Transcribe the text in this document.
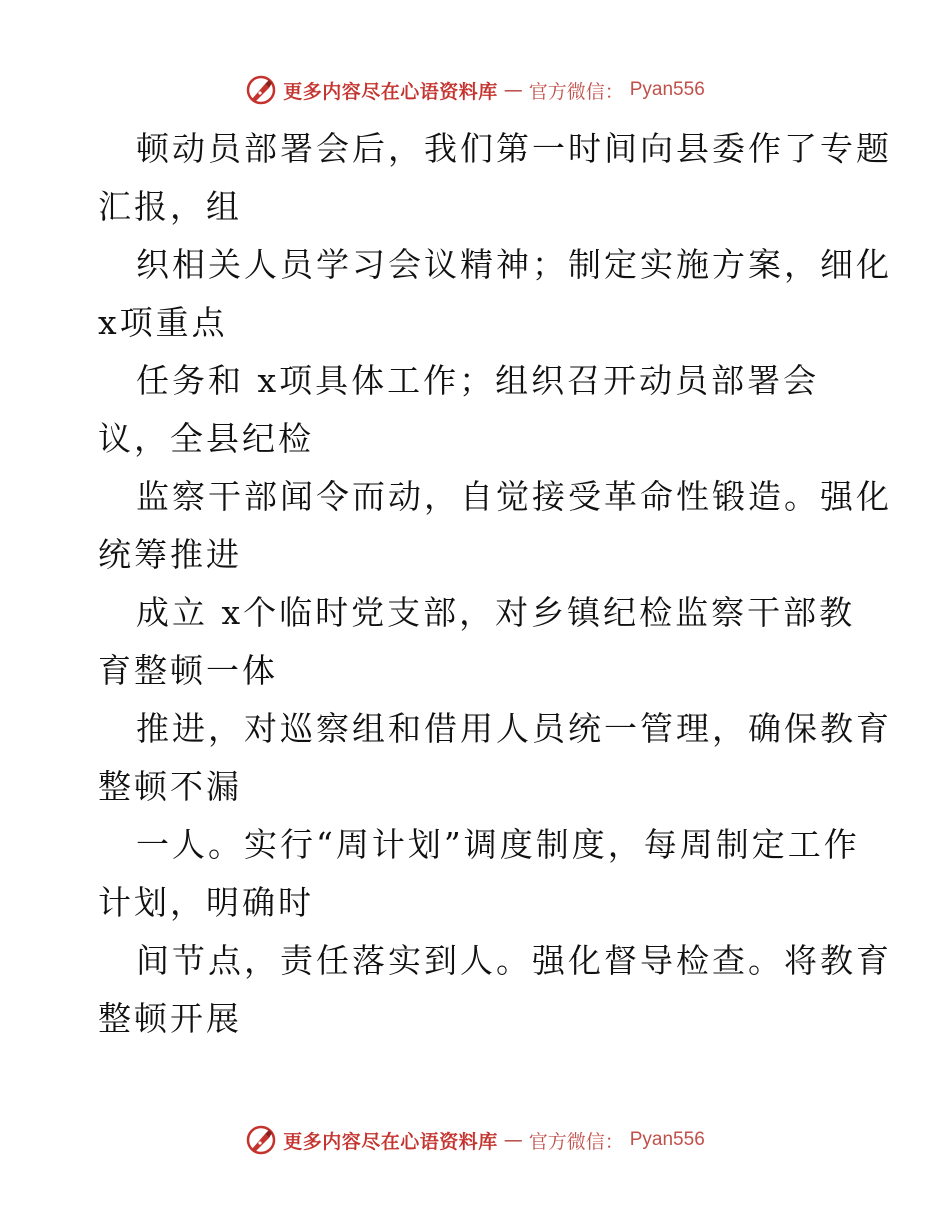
更多内容尽在心语资料库 — 官方微信： Pyan556
顿动员部署会后，我们第一时间向县委作了专题
汇报，组
织相关人员学习会议精神；制定实施方案，细化
x项重点
任务和 x项具体工作；组织召开动员部署会
议，全县纪检
监察干部闻令而动，自觉接受革命性锻造。强化
统筹推进
成立 x个临时党支部，对乡镇纪检监察干部教
育整顿一体
推进，对巡察组和借用人员统一管理，确保教育
整顿不漏
一人。实行“周计划”调度制度，每周制定工作
计划，明确时
间节点，责任落实到人。强化督导检查。将教育
整顿开展
更多内容尽在心语资料库 — 官方微信： Pyan556
